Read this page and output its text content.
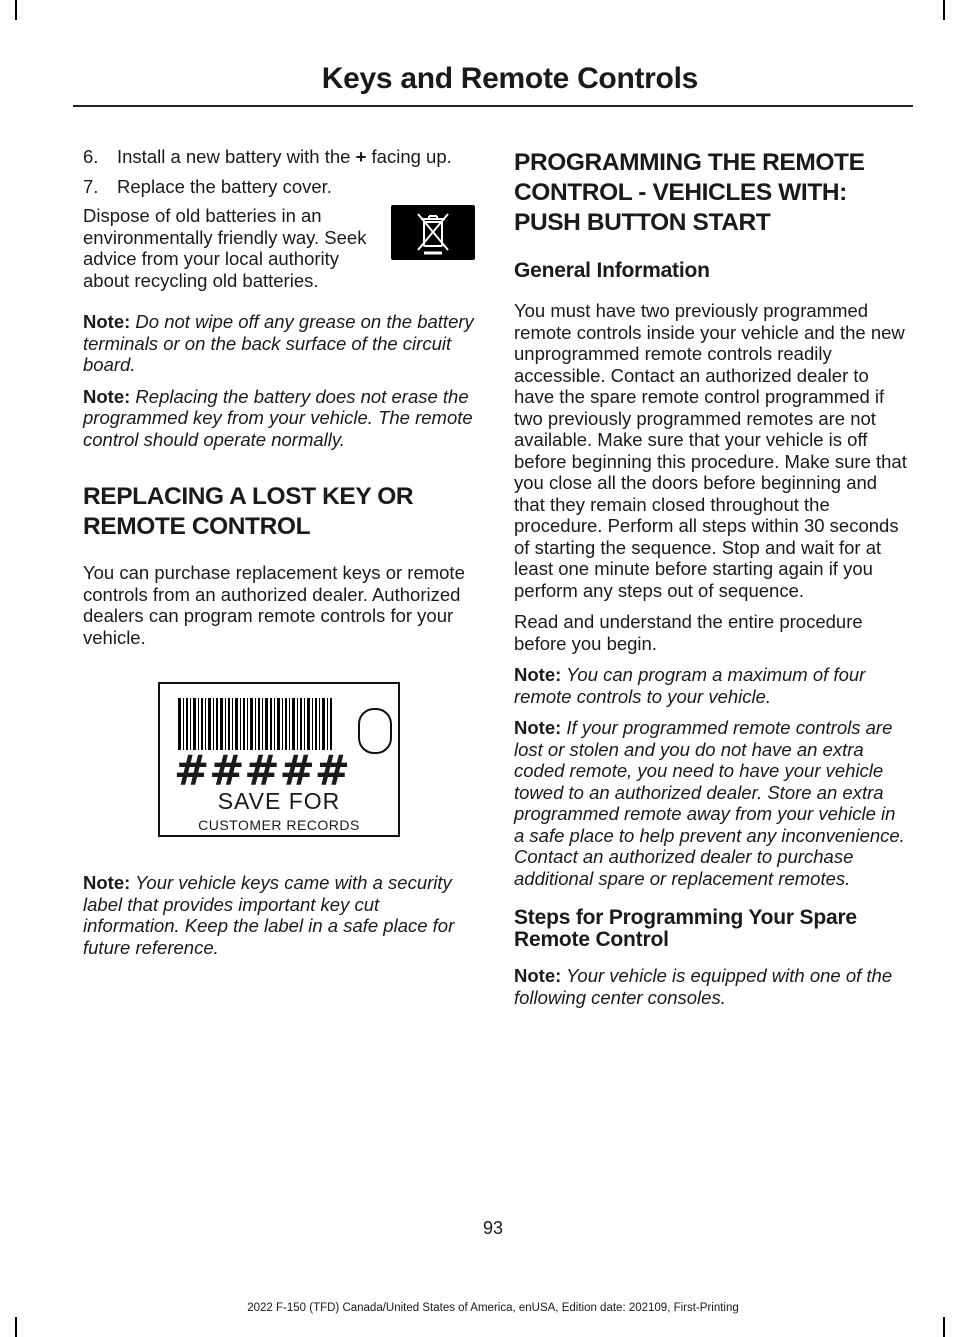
Keys and Remote Controls
6.	Install a new battery with the + facing up.
7.	Replace the battery cover.

Dispose of old batteries in an environmentally friendly way. Seek advice from your local authority about recycling old batteries.

Note: Do not wipe off any grease on the battery terminals or on the back surface of the circuit board.

Note: Replacing the battery does not erase the programmed key from your vehicle. The remote control should operate normally.

REPLACING A LOST KEY OR REMOTE CONTROL

You can purchase replacement keys or remote controls from an authorized dealer. Authorized dealers can program remote controls for your vehicle.

#####
SAVE FOR
CUSTOMER RECORDS

Note: Your vehicle keys came with a security label that provides important key cut information. Keep the label in a safe place for future reference.

PROGRAMMING THE REMOTE CONTROL - VEHICLES WITH: PUSH BUTTON START
General Information

You must have two previously programmed remote controls inside your vehicle and the new unprogrammed remote controls readily accessible. Contact an authorized dealer to have the spare remote control programmed if two previously programmed remotes are not available. Make sure that your vehicle is off before beginning this procedure. Make sure that you close all the doors before beginning and that they remain closed throughout the procedure. Perform all steps within 30 seconds of starting the sequence. Stop and wait for at least one minute before starting again if you perform any steps out of sequence.

Read and understand the entire procedure before you begin.

Note: You can program a maximum of four remote controls to your vehicle.

Note: If your programmed remote controls are lost or stolen and you do not have an extra coded remote, you need to have your vehicle towed to an authorized dealer. Store an extra programmed remote away from your vehicle in a safe place to help prevent any inconvenience. Contact an authorized dealer to purchase additional spare or replacement remotes.

Steps for Programming Your Spare Remote Control

Note: Your vehicle is equipped with one of the following center consoles.

93
2022 F-150 (TFD) Canada/United States of America, enUSA, Edition date: 202109, First-Printing
